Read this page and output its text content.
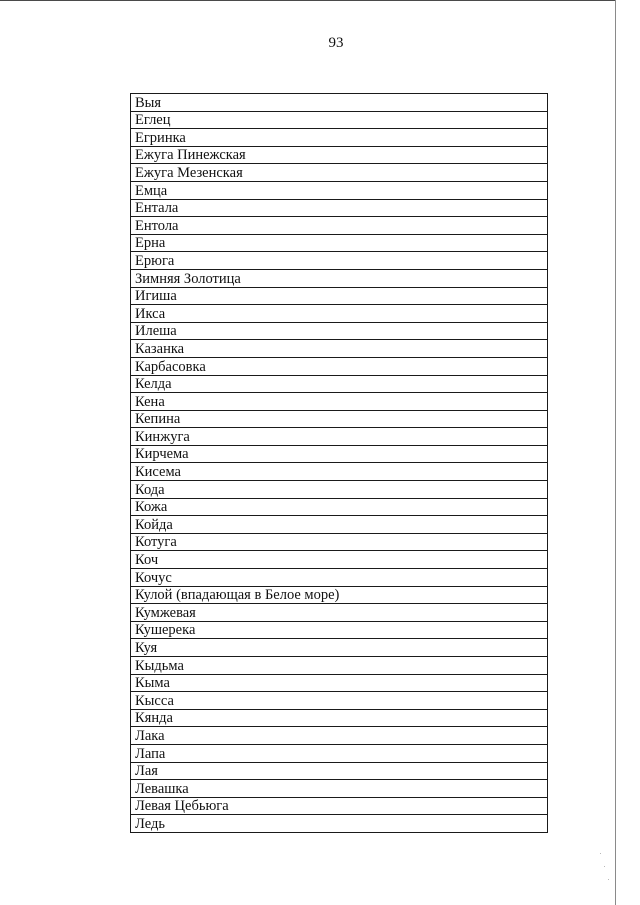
93
Выя
Еглец
Егринка
Ежуга Пинежская
Ежуга Мезенская
Емца
Ентала
Ентола
Ерна
Ерюга
Зимняя Золотица
Игиша
Икса
Илеша
Казанка
Карбасовка
Келда
Кена
Кепина
Кинжуга
Кирчема
Кисема
Кода
Кожа
Койда
Котуга
Коч
Кочус
Кулой (впадающая в Белое море)
Кумжевая
Кушерека
Куя
Кыдьма
Кыма
Кысса
Кянда
Лака
Лапа
Лая
Левашка
Левая Цебьюга
Ледь
